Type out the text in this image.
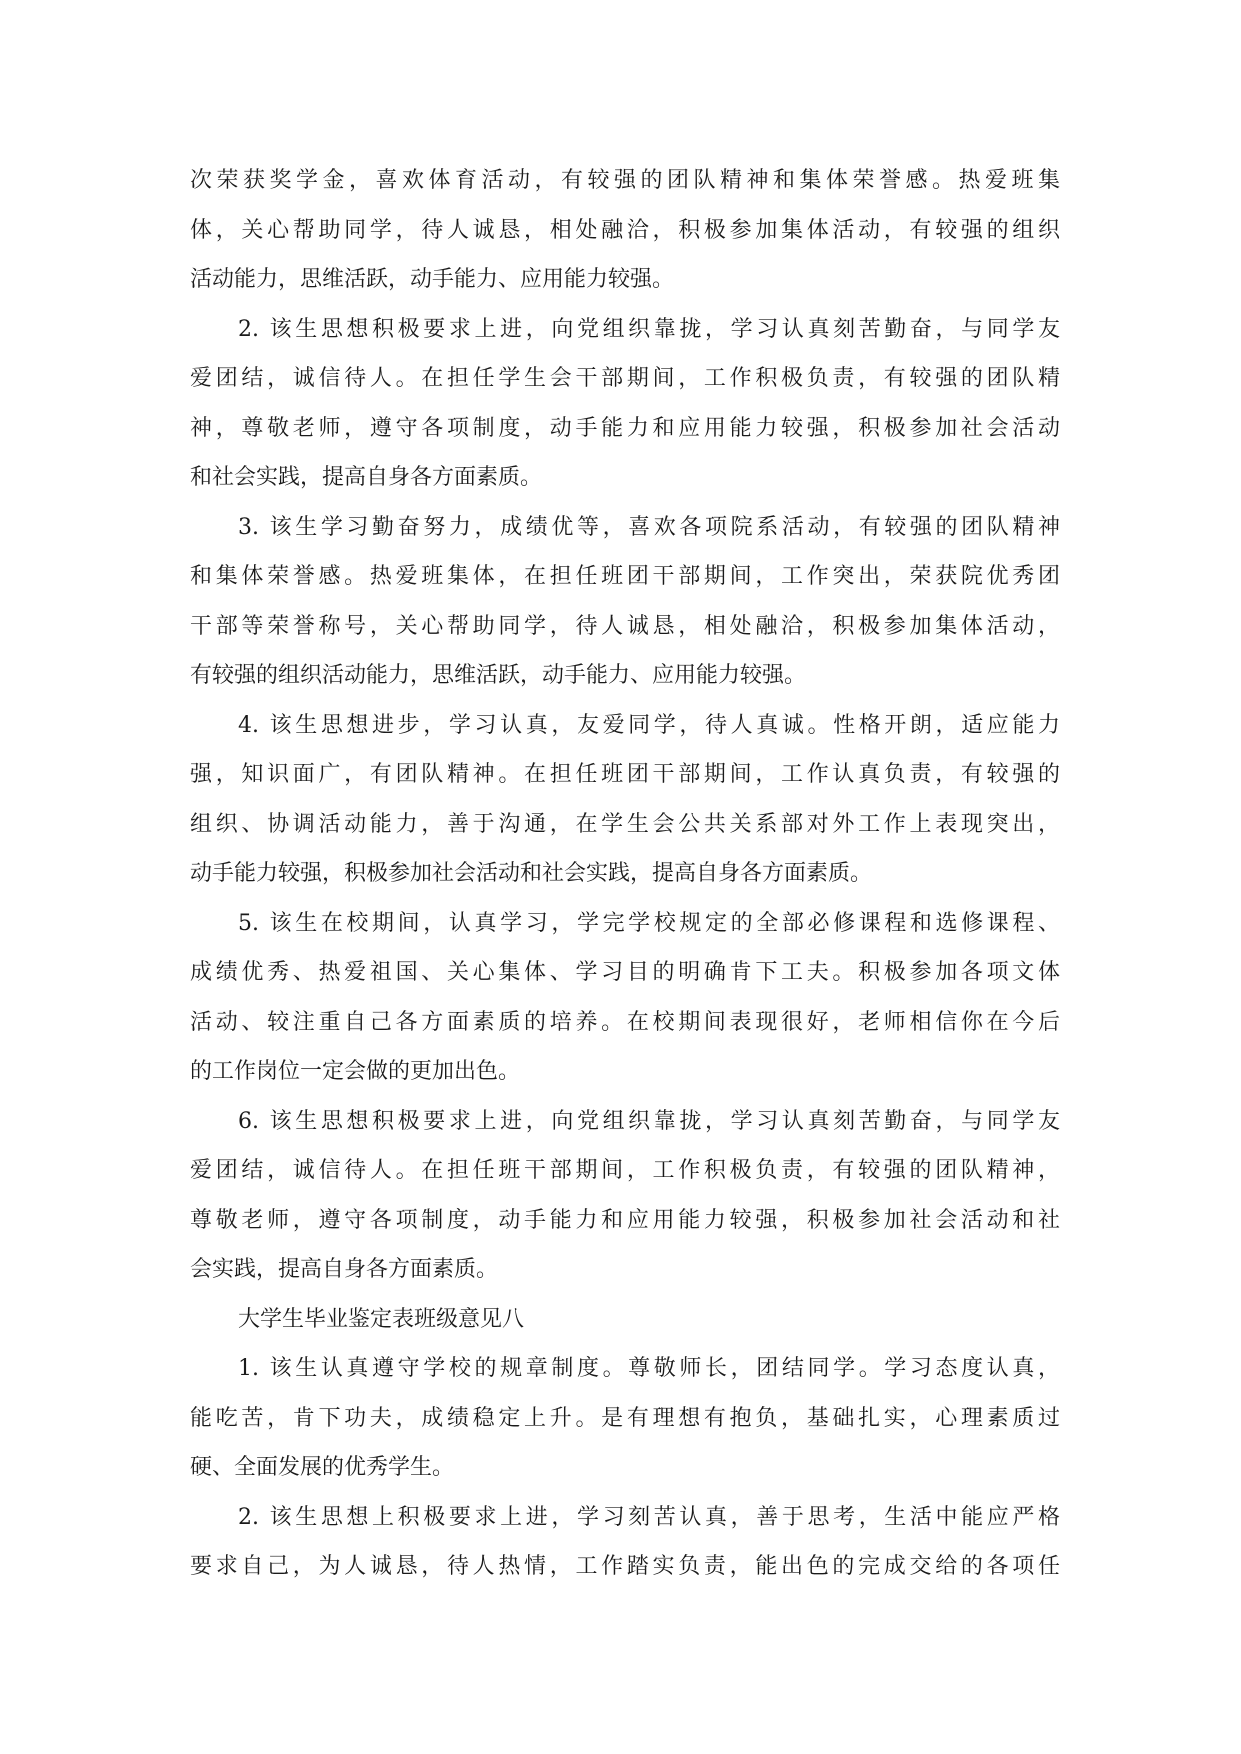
次荣获奖学金，喜欢体育活动，有较强的团队精神和集体荣誉感。热爱班集
体，关心帮助同学，待人诚恳，相处融洽，积极参加集体活动，有较强的组织
活动能力，思维活跃，动手能力、应用能力较强。
2. 该生思想积极要求上进，向党组织靠拢，学习认真刻苦勤奋，与同学友
爱团结，诚信待人。在担任学生会干部期间，工作积极负责，有较强的团队精
神，尊敬老师，遵守各项制度，动手能力和应用能力较强，积极参加社会活动
和社会实践，提高自身各方面素质。
3. 该生学习勤奋努力，成绩优等，喜欢各项院系活动，有较强的团队精神
和集体荣誉感。热爱班集体，在担任班团干部期间，工作突出，荣获院优秀团
干部等荣誉称号，关心帮助同学，待人诚恳，相处融洽，积极参加集体活动，
有较强的组织活动能力，思维活跃，动手能力、应用能力较强。
4. 该生思想进步，学习认真，友爱同学，待人真诚。性格开朗，适应能力
强，知识面广，有团队精神。在担任班团干部期间，工作认真负责，有较强的
组织、协调活动能力，善于沟通，在学生会公共关系部对外工作上表现突出，
动手能力较强，积极参加社会活动和社会实践，提高自身各方面素质。
5. 该生在校期间，认真学习，学完学校规定的全部必修课程和选修课程、
成绩优秀、热爱祖国、关心集体、学习目的明确肯下工夫。积极参加各项文体
活动、较注重自己各方面素质的培养。在校期间表现很好，老师相信你在今后
的工作岗位一定会做的更加出色。
6. 该生思想积极要求上进，向党组织靠拢，学习认真刻苦勤奋，与同学友
爱团结，诚信待人。在担任班干部期间，工作积极负责，有较强的团队精神，
尊敬老师，遵守各项制度，动手能力和应用能力较强，积极参加社会活动和社
会实践，提高自身各方面素质。
大学生毕业鉴定表班级意见八
1. 该生认真遵守学校的规章制度。尊敬师长，团结同学。学习态度认真，
能吃苦，肯下功夫，成绩稳定上升。是有理想有抱负，基础扎实，心理素质过
硬、全面发展的优秀学生。
2. 该生思想上积极要求上进，学习刻苦认真，善于思考，生活中能应严格
要求自己，为人诚恳，待人热情，工作踏实负责，能出色的完成交给的各项任
